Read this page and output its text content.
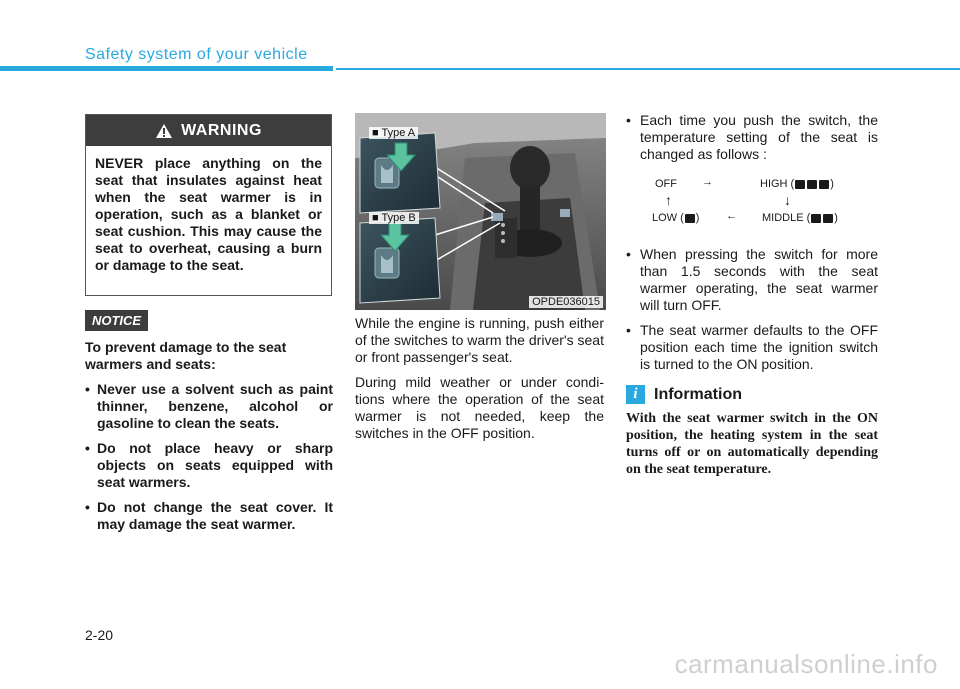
Safety system of your vehicle
WARNING
NEVER place anything on the seat that insulates against heat when the seat warmer is in operation, such as a blanket or seat cushion. This may cause the seat to overheat, causing a burn or damage to the seat.
NOTICE

To prevent damage to the seat warmers and seats:

• Never use a solvent such as paint thinner, benzene, alcohol or gasoline to clean the seats.
• Do not place heavy or sharp objects on seats equipped with seat warmers.
• Do not change the seat cover. It may damage the seat warmer.
■ Type A
■ Type B
OPDE036015

While the engine is running, push either of the switches to warm the driver's seat or front passenger's seat.

During mild weather or under condi-tions where the operation of the seat warmer is not needed, keep the switches in the OFF position.

• Each time you push the switch, the temperature setting of the seat is changed as follows :
OFF →	HIGH (	)
↑	↓
LOW ( ) ← MIDDLE ( )
• When pressing the switch for more than 1.5 seconds with the seat warmer operating, the seat warmer will turn OFF.
• The seat warmer defaults to the OFF position each time the ignition switch is turned to the ON position.
i	Information
With the seat warmer switch in the ON position, the heating system in the seat turns off or on automatically depending on the seat temperature.
2-20
carmanualsonline.info
